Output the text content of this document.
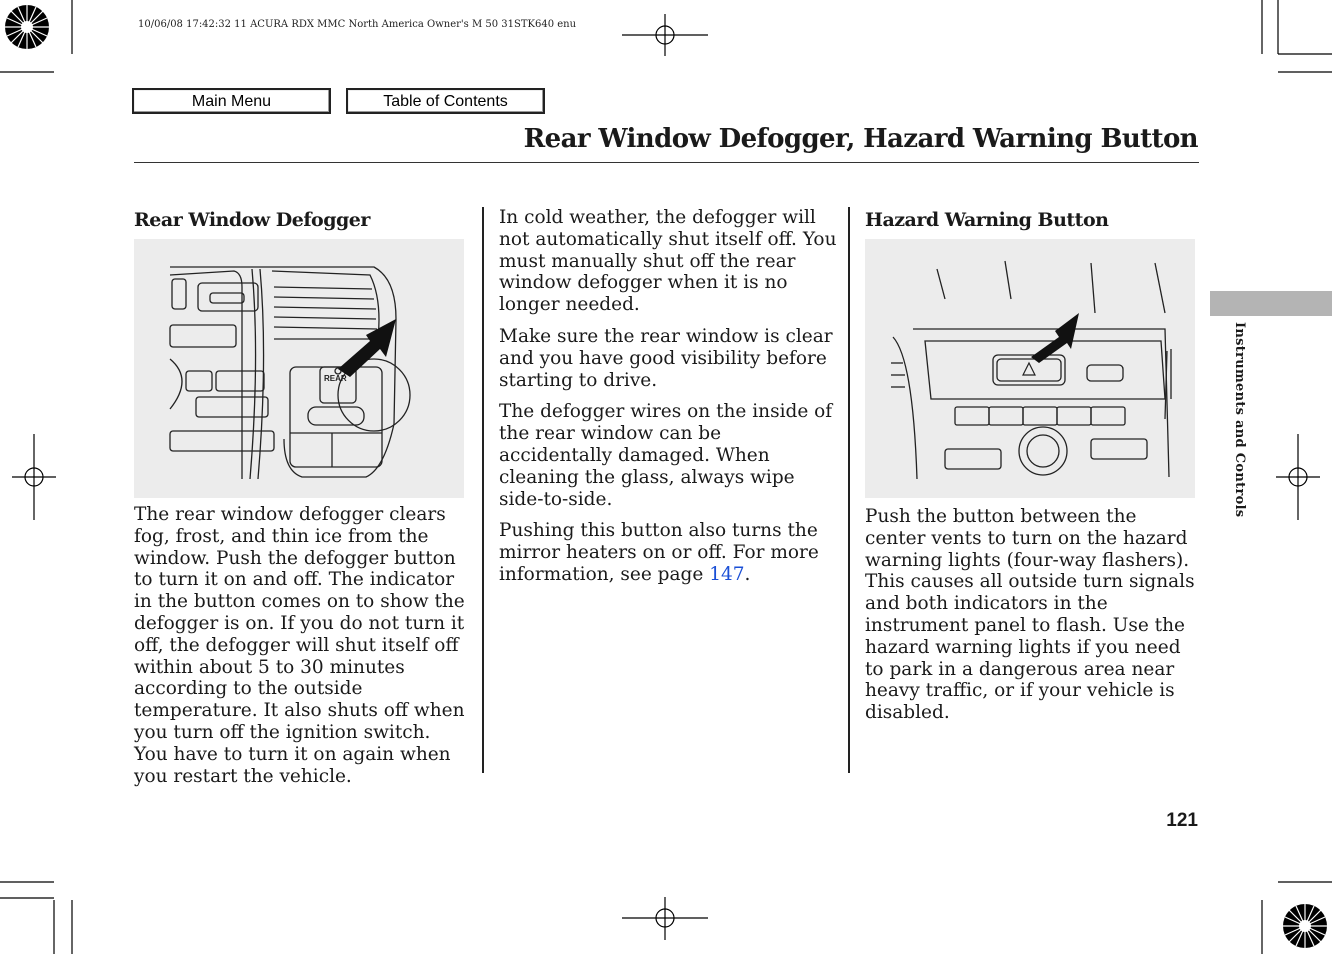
10/06/08 17:42:32 11 ACURA RDX MMC North America Owner's M 50 31STK640 enu
Main Menu	Table of Contents
Rear Window Defogger, Hazard Warning Button
Rear Window Defogger
REAR

The rear window defogger clears fog, frost, and thin ice from the window. Push the defogger button to turn it on and off. The indicator in the button comes on to show the defogger is on. If you do not turn it off, the defogger will shut itself off within about 5 to 30 minutes according to the outside temperature. It also shuts off when you turn off the ignition switch. You have to turn it on again when you restart the vehicle.

In cold weather, the defogger will not automatically shut itself off. You must manually shut off the rear window defogger when it is no longer needed.

Make sure the rear window is clear and you have good visibility before starting to drive.

The defogger wires on the inside of the rear window can be accidentally damaged. When cleaning the glass, always wipe side-to-side.

Pushing this button also turns the mirror heaters on or off. For more information, see page 147.

Hazard Warning Button

Push the button between the center vents to turn on the hazard warning lights (four-way flashers). This causes all outside turn signals and both indicators in the instrument panel to flash. Use the hazard warning lights if you need to park in a dangerous area near heavy traffic, or if your vehicle is disabled.

Instruments and Controls
121
